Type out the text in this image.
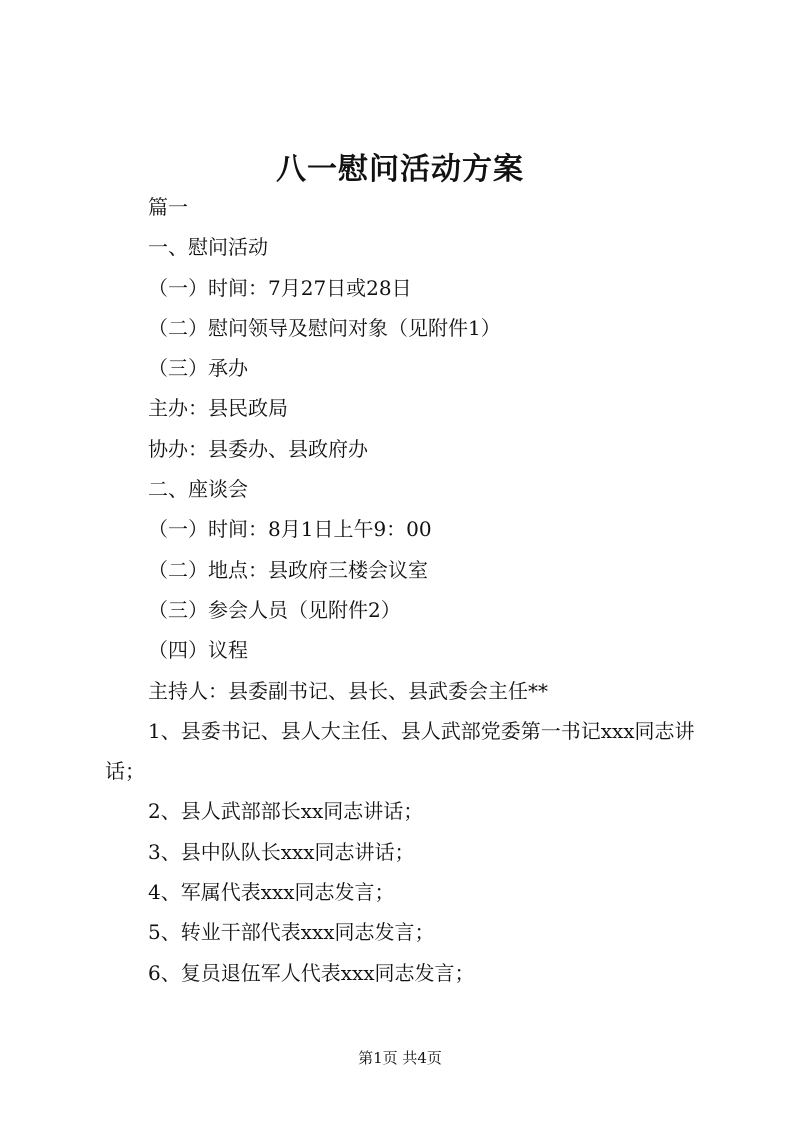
八一慰问活动方案
篇一
一、慰问活动
（一）时间：7月27日或28日
（二）慰问领导及慰问对象（见附件1）
（三）承办
主办：县民政局
协办：县委办、县政府办
二、座谈会
（一）时间：8月1日上午9：00
（二）地点：县政府三楼会议室
（三）参会人员（见附件2）
（四）议程
主持人：县委副书记、县长、县武委会主任**
1、县委书记、县人大主任、县人武部党委第一书记xxx同志讲话；
2、县人武部部长xx同志讲话；
3、县中队队长xxx同志讲话；
4、军属代表xxx同志发言；
5、转业干部代表xxx同志发言；
6、复员退伍军人代表xxx同志发言；
第1页 共4页
